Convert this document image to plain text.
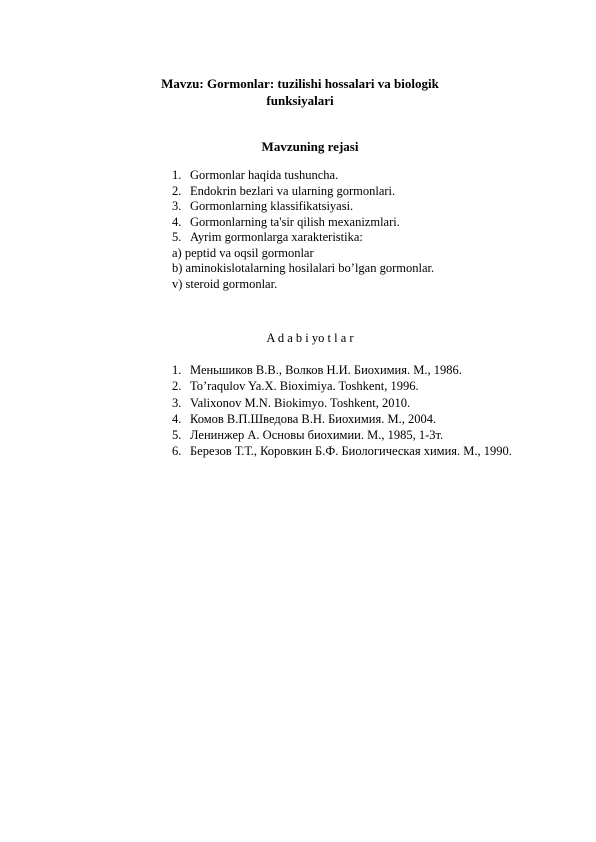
Mavzu: Gormonlar: tuzilishi hossalari va biologik
funksiyalari
Mavzuning rejasi
1. Gormonlar haqida tushuncha.
2. Endokrin bezlari va ularning gormonlari.
3. Gormonlarning klassifikatsiyasi.
4. Gormonlarning ta'sir qilish mexanizmlari.
5. Ayrim gormonlarga xarakteristika:
a) peptid va oqsil gormonlar
b) aminokislotalarning hosilalari bo’lgan gormonlar.
v) steroid gormonlar.
A d a b i yo t l a r
1. Меньшиков В.В., Волков Н.И. Биохимия. М., 1986.
2. To’raqulov Ya.X. Bioximiya. Toshkent, 1996.
3. Valixonov M.N. Biokimyo. Toshkent, 2010.
4. Комов В.П.Шведова В.Н. Биохимия. М., 2004.
5. Ленинжер А. Основы биохимии. М., 1985, 1-3т.
6. Березов Т.Т., Коровкин Б.Ф. Биологическая химия. М., 1990.
